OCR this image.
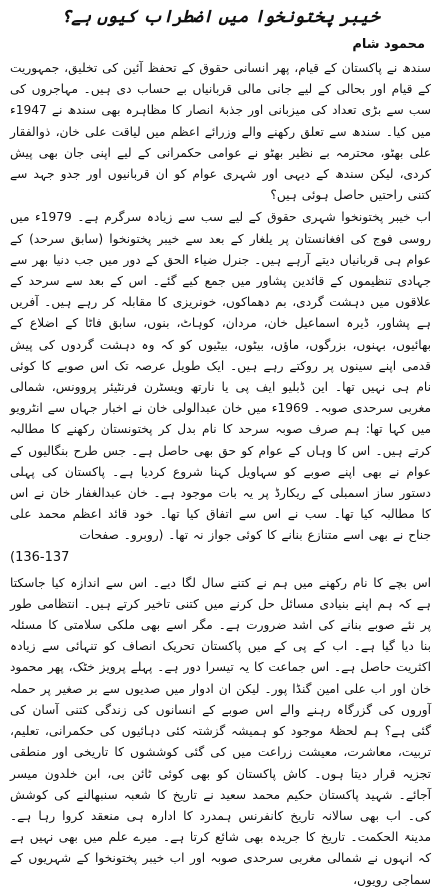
خیبر پختونخوا میں اضطراب کیوں ہے؟
محمود شام

سندھ نے پاکستان کے قیام، پھر انسانی حقوق کے تحفظ آئین کی تخلیق، جمہوریت کے قیام اور بحالی کے لیے جانی مالی قربانیاں بے حساب دی ہیں۔ مہاجروں کی سب سے بڑی تعداد کی میزبانی اور جذبۂ انصار کا مظاہرہ بھی سندھ نے 1947ء میں کیا۔ سندھ سے تعلق رکھنے والے وزرائے اعظم میں لیاقت علی خان، ذوالفقار علی بھٹو، محترمہ بے نظیر بھٹو نے عوامی حکمرانی کے لیے اپنی جان بھی پیش کردی، لیکن سندھ کے دیہی اور شہری عوام کو ان قربانیوں اور جدو جہد سے کتنی راحتیں حاصل ہوئی ہیں؟

اب خیبر پختونخوا شہری حقوق کے لیے سب سے زیادہ سرگرم ہے۔ 1979ء میں روسی فوج کی افغانستان پر یلغار کے بعد سے خیبر پختونخوا (سابق سرحد) کے عوام ہی قربانیاں دیتے آرہے ہیں۔ جنرل ضیاء الحق کے دور میں جب دنیا بھر سے جہادی تنظیموں کے قائدین پشاور میں جمع کیے گئے۔ اس کے بعد سے سرحد کے علاقوں میں دہشت گردی، بم دھماکوں، خونریزی کا مقابلہ کر رہے ہیں۔ آفریں ہے پشاور، ڈیرہ اسماعیل خان، مردان، کوہاٹ، بنوں، سابق فاٹا کے اضلاع کے بھائیوں، بہنوں، بزرگوں، ماؤں، بیٹوں، بیٹیوں کو کہ وہ دہشت گردوں کی پیش قدمی اپنے سینوں پر روکتے رہے ہیں۔ ایک طویل عرصہ تک اس صوبے کا کوئی نام ہی نہیں تھا۔ این ڈبلیو ایف پی یا نارتھ ویسٹرن فرنٹیئر پروونس، شمالی مغربی سرحدی صوبہ۔ 1969ء میں خان عبدالولی خان نے اخبار جہاں سے انٹرویو میں کہا تھا: ہم صرف صوبہ سرحد کا نام بدل کر پختونستان رکھنے کا مطالبہ کرتے ہیں۔ اس کا وہاں کے عوام کو حق بھی حاصل ہے۔ جس طرح بنگالیوں کے عوام نے بھی اپنے صوبے کو سہاویل کہنا شروع کردیا ہے۔ پاکستان کی پہلی دستور ساز اسمبلی کے ریکارڈ پر یہ بات موجود ہے۔ خان عبدالغفار خان نے اس کا مطالبہ کیا تھا۔ سب نے اس سے اتفاق کیا تھا۔ خود قائد اعظم محمد علی جناح نے بھی اسے متنازع بنانے کا کوئی جواز نہ تھا۔ (روبرو۔ صفحات

(136-137

اس بچے کا نام رکھنے میں ہم نے کتنے سال لگا دیے۔ اس سے اندازہ کیا جاسکتا ہے کہ ہم اپنے بنیادی مسائل حل کرنے میں کتنی تاخیر کرتے ہیں۔ انتظامی طور پر نئے صوبے بنانے کی اشد ضرورت ہے۔ مگر اسے بھی ملکی سلامتی کا مسئلہ بنا دیا گیا ہے۔ اب کے پی کے میں پاکستان تحریک انصاف کو تنہائی سے زیادہ اکثریت حاصل ہے۔ اس جماعت کا یہ تیسرا دور ہے۔ پہلے پرویز خٹک، پھر محمود خان اور اب علی امین گنڈا پور۔ لیکن ان ادوار میں صدیوں سے بر صغیر پر حملہ آوروں کی گزرگاہ رہنے والے اس صوبے کے انسانوں کی زندگی کتنی آسان کی گئی ہے؟ ہم لحظۂ موجود کو ہمیشہ گزشتہ کئی دہائیوں کی حکمرانی، تعلیم، تربیت، معاشرت، معیشت زراعت میں کی گئی کوششوں کا تاریخی اور منطقی تجزیہ قرار دیتا ہوں۔ کاش پاکستان کو بھی کوئی ٹائن بی، ابن خلدون میسر آجائے۔ شہید پاکستان حکیم محمد سعید نے تاریخ کا شعبہ سنبھالنے کی کوشش کی۔ اب بھی سالانہ تاریخ کانفرنس ہمدرد کا ادارہ ہی منعقد کروا رہا ہے۔ مدینۃ الحکمت۔ تاریخ کا جریدہ بھی شائع کرتا ہے۔ میرے علم میں بھی نہیں ہے کہ انہوں نے شمالی مغربی سرحدی صوبہ اور اب خیبر پختونخوا کے شہریوں کے سماجی رویوں،
